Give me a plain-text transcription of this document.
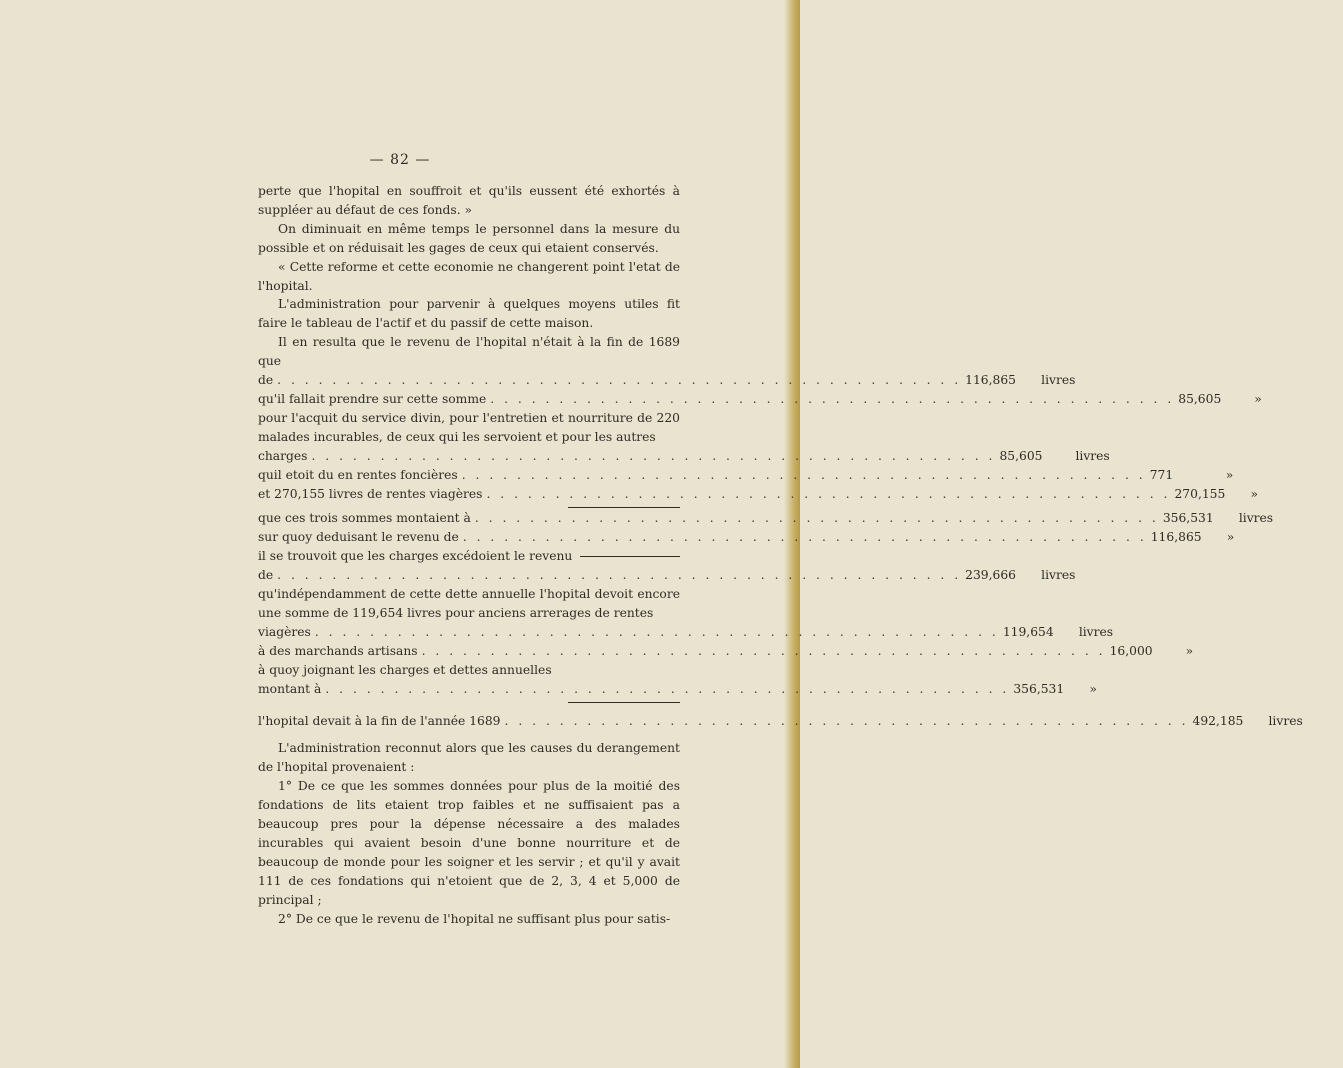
— 82 —
perte que l'hopital en souffroit et qu'ils eussent été exhortés à suppléer au défaut de ces fonds. »
On diminuait en même temps le personnel dans la mesure du possible et on réduisait les gages de ceux qui etaient conservés.
« Cette reforme et cette economie ne changerent point l'etat de l'hopital.
L'administration pour parvenir à quelques moyens utiles fit faire le tableau de l'actif et du passif de cette maison.
Il en resulta que le revenu de l'hopital n'était à la fin de 1689 que
de . . . . . . . . . . . . . . . . . . . . . . . . . . . . . . . . . . . . . . . . . . . . . . . . . . 116,865	livres
qu'il fallait prendre sur cette somme . . . . . . . . . . . . . . . . . . . . . . . . . . . . . . . . . . . . . . . . . . . . . . . . . . 85,605	»
pour l'acquit du service divin, pour l'entretien et nourriture de 220 malades incurables, de ceux qui les servoient et pour les autres
charges . . . . . . . . . . . . . . . . . . . . . . . . . . . . . . . . . . . . . . . . . . . . . . . . . . 85,605	livres
quil etoit du en rentes foncières . . . . . . . . . . . . . . . . . . . . . . . . . . . . . . . . . . . . . . . . . . . . . . . . . . 771	»
et 270,155 livres de rentes viagères . . . . . . . . . . . . . . . . . . . . . . . . . . . . . . . . . . . . . . . . . . . . . . . . . . 270,155	»
que ces trois sommes montaient à . . . . . . . . . . . . . . . . . . . . . . . . . . . . . . . . . . . . . . . . . . . . . . . . . . 356,531	livres
sur quoy deduisant le revenu de . . . . . . . . . . . . . . . . . . . . . . . . . . . . . . . . . . . . . . . . . . . . . . . . . . 116,865	»
il se trouvoit que les charges excédoient le revenu
de . . . . . . . . . . . . . . . . . . . . . . . . . . . . . . . . . . . . . . . . . . . . . . . . . . 239,666	livres
qu'indépendamment de cette dette annuelle l'hopital devoit encore une somme de 119,654 livres pour anciens arrerages de rentes
viagères . . . . . . . . . . . . . . . . . . . . . . . . . . . . . . . . . . . . . . . . . . . . . . . . . . 119,654	livres
à des marchands artisans . . . . . . . . . . . . . . . . . . . . . . . . . . . . . . . . . . . . . . . . . . . . . . . . . . 16,000	»
à quoy joignant les charges et dettes annuelles
montant à . . . . . . . . . . . . . . . . . . . . . . . . . . . . . . . . . . . . . . . . . . . . . . . . . . 356,531	»
l'hopital devait à la fin de l'année 1689 . . . . . . . . . . . . . . . . . . . . . . . . . . . . . . . . . . . . . . . . . . . . . . . . . . 492,185	livres
L'administration reconnut alors que les causes du derangement de l'hopital provenaient :
1° De ce que les sommes données pour plus de la moitié des fondations de lits etaient trop faibles et ne suffisaient pas a beaucoup pres pour la dépense nécessaire a des malades incurables qui avaient besoin d'une bonne nourriture et de beaucoup de monde pour les soigner et les servir ; et qu'il y avait 111 de ces fondations qui n'etoient que de 2, 3, 4 et 5,000 de principal ;
2° De ce que le revenu de l'hopital ne suffisant plus pour satis-
